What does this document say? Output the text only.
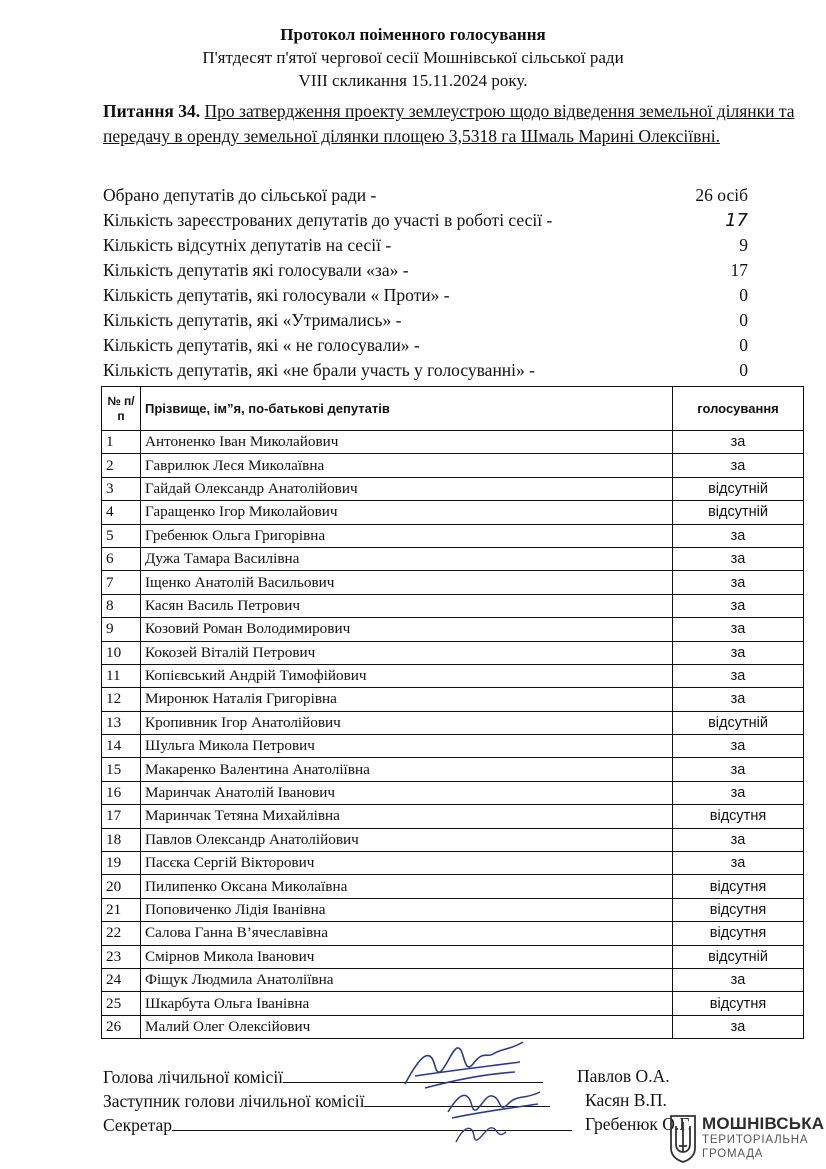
Протокол поіменного голосування
П'ятдесят п'ятої чергової сесії Мошнівської сільської ради
VIII скликання 15.11.2024 року.
Питання 34. Про затвердження проекту землеустрою щодо відведення земельної ділянки та передачу в оренду земельної ділянки площею 3,5318 га Шмаль Марині Олексіївні.
Обрано депутатів до сільської ради -	26 осіб
Кількість зареєстрованих депутатів до участі в роботі сесії -	17
Кількість відсутніх депутатів на сесії -	9
Кількість депутатів які голосували «за» -	17
Кількість депутатів, які голосували « Проти» -	0
Кількість депутатів, які «Утримались» -	0
Кількість депутатів, які « не голосували» -	0
Кількість депутатів, які «не брали участь у голосуванні» -	0
№ п/п	Прізвище, ім”я, по-батькові депутатів	голосування
1	Антоненко Іван Миколайович	за
2	Гаврилюк Леся Миколаївна	за
3	Гайдай Олександр Анатолійович	відсутній
4	Гаращенко Ігор Миколайович	відсутній
5	Гребенюк Ольга Григорівна	за
6	Дужа Тамара Василівна	за
7	Іщенко Анатолій Васильович	за
8	Касян Василь Петрович	за
9	Козовий Роман Володимирович	за
10	Кокозей Віталій Петрович	за
11	Копієвський Андрій Тимофійович	за
12	Миронюк Наталія Григорівна	за
13	Кропивник Ігор Анатолійович	відсутній
14	Шульга Микола Петрович	за
15	Макаренко Валентина Анатоліївна	за
16	Маринчак Анатолій Іванович	за
17	Маринчак Тетяна Михайлівна	відсутня
18	Павлов Олександр Анатолійович	за
19	Пасєка Сергій Вікторович	за
20	Пилипенко Оксана Миколаївна	відсутня
21	Поповиченко Лідія Іванівна	відсутня
22	Салова Ганна В’ячеславівна	відсутня
23	Смірнов Микола Іванович	відсутній
24	Фіщук Людмила Анатоліївна	за
25	Шкарбута Ольга Іванівна	відсутня
26	Малий Олег Олексійович	за
Голова лічильної комісії	Павлов О.А.
Заступник голови лічильної комісії	Касян В.П.
Секретар	Гребенюк О.Г. МОШНІВСЬКА
ТЕРИТОРІАЛЬНА
ГРОМАДА
